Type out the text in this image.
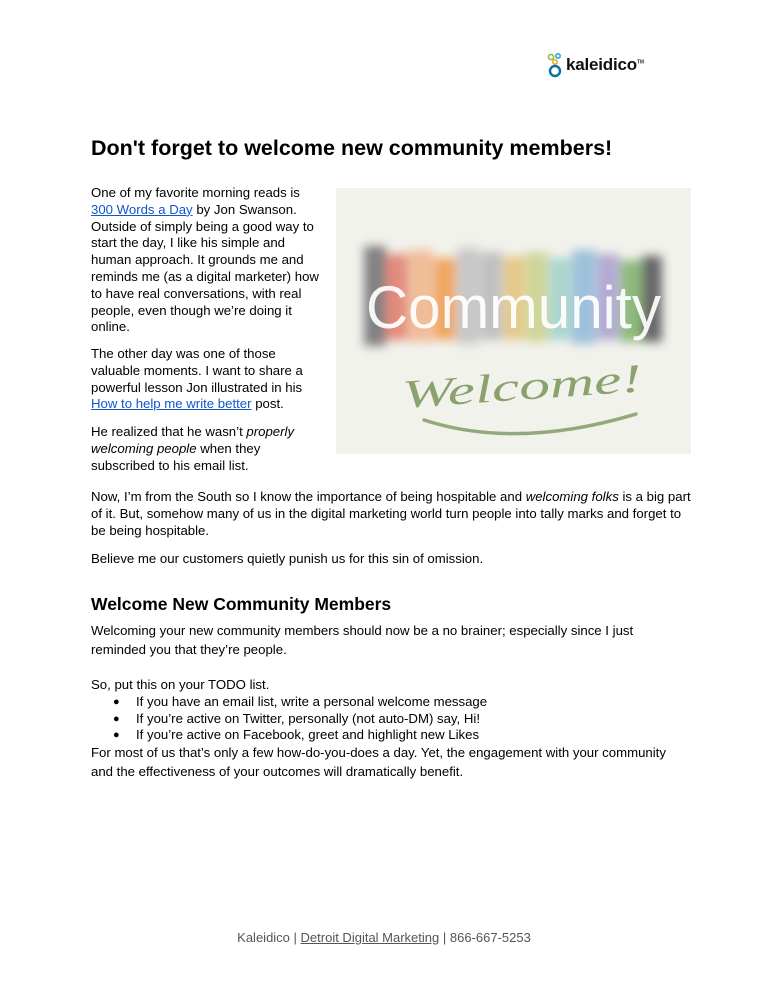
kaleidico™
Don't forget to welcome new community members!

One of my favorite morning reads is
300 Words a Day by Jon Swanson. Outside of simply being a good way to start the day, I like his simple and human approach. It grounds me and reminds me (as a digital marketer) how to have real conversations, with real people, even though we’re doing it online.

The other day was one of those valuable moments. I want to share a powerful lesson Jon illustrated in his How to help me write better post.

He realized that he wasn’t properly welcoming people when they subscribed to his email list.

Community
Welcome!

Now, I’m from the South so I know the importance of being hospitable and welcoming folks is a big part of it. But, somehow many of us in the digital marketing world turn people into tally marks and forget to be being hospitable.

Believe me our customers quietly punish us for this sin of omission.

Welcome New Community Members

Welcoming your new community members should now be a no brainer; especially since I just reminded you that they’re people.

So, put this on your TODO list.

●	If you have an email list, write a personal welcome message
●	If you’re active on Twitter, personally (not auto-DM) say, Hi!
●	If you’re active on Facebook, greet and highlight new Likes

For most of us that’s only a few how-do-you-does a day. Yet, the engagement with your community and the effectiveness of your outcomes will dramatically benefit.

Kaleidico | Detroit Digital Marketing | 866-667-5253
